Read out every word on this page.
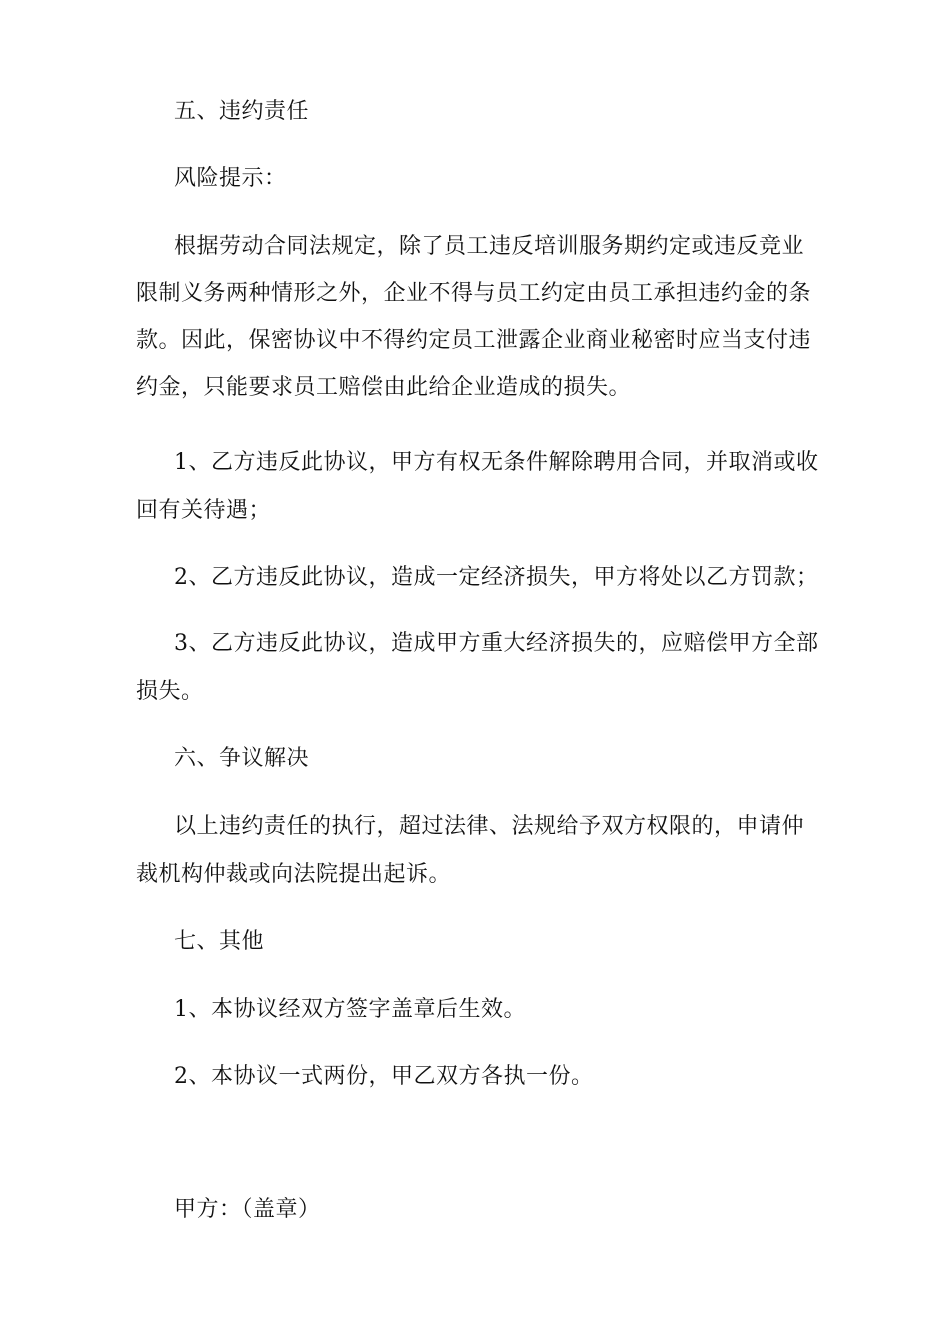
五、违约责任
风险提示：
根据劳动合同法规定，除了员工违反培训服务期约定或违反竞业
限制义务两种情形之外，企业不得与员工约定由员工承担违约金的条
款。因此，保密协议中不得约定员工泄露企业商业秘密时应当支付违
约金，只能要求员工赔偿由此给企业造成的损失。
1、乙方违反此协议，甲方有权无条件解除聘用合同，并取消或收
回有关待遇；
2、乙方违反此协议，造成一定经济损失，甲方将处以乙方罚款；
3、乙方违反此协议，造成甲方重大经济损失的，应赔偿甲方全部
损失。
六、争议解决
以上违约责任的执行，超过法律、法规给予双方权限的，申请仲
裁机构仲裁或向法院提出起诉。
七、其他
1、本协议经双方签字盖章后生效。
2、本协议一式两份，甲乙双方各执一份。
甲方：（盖章）
